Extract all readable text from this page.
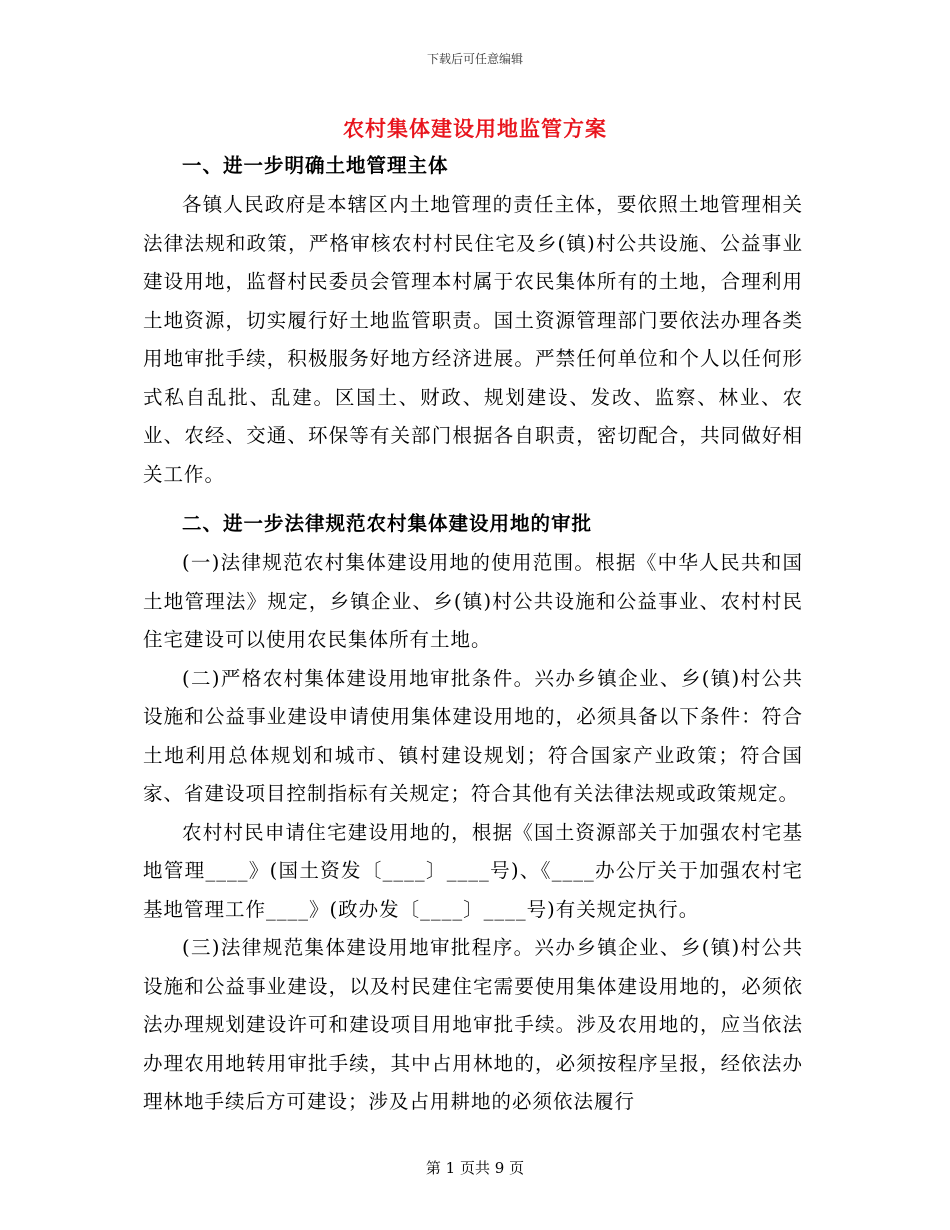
下载后可任意编辑
农村集体建设用地监管方案
一、进一步明确土地管理主体

各镇人民政府是本辖区内土地管理的责任主体，要依照土地管理相关法律法规和政策，严格审核农村村民住宅及乡(镇)村公共设施、公益事业建设用地，监督村民委员会管理本村属于农民集体所有的土地，合理利用土地资源，切实履行好土地监管职责。国土资源管理部门要依法办理各类用地审批手续，积极服务好地方经济进展。严禁任何单位和个人以任何形式私自乱批、乱建。区国土、财政、规划建设、发改、监察、林业、农业、农经、交通、环保等有关部门根据各自职责，密切配合，共同做好相关工作。

二、进一步法律规范农村集体建设用地的审批

(一)法律规范农村集体建设用地的使用范围。根据《中华人民共和国土地管理法》规定，乡镇企业、乡(镇)村公共设施和公益事业、农村村民住宅建设可以使用农民集体所有土地。

(二)严格农村集体建设用地审批条件。兴办乡镇企业、乡(镇)村公共设施和公益事业建设申请使用集体建设用地的，必须具备以下条件：符合土地利用总体规划和城市、镇村建设规划；符合国家产业政策；符合国家、省建设项目控制指标有关规定；符合其他有关法律法规或政策规定。

农村村民申请住宅建设用地的，根据《国土资源部关于加强农村宅基地管理____》(国土资发〔____〕____号)、《____办公厅关于加强农村宅基地管理工作____》(政办发〔____〕____号)有关规定执行。

(三)法律规范集体建设用地审批程序。兴办乡镇企业、乡(镇)村公共设施和公益事业建设，以及村民建住宅需要使用集体建设用地的，必须依法办理规划建设许可和建设项目用地审批手续。涉及农用地的，应当依法办理农用地转用审批手续，其中占用林地的，必须按程序呈报，经依法办理林地手续后方可建设；涉及占用耕地的必须依法履行

第 1 页共 9 页
